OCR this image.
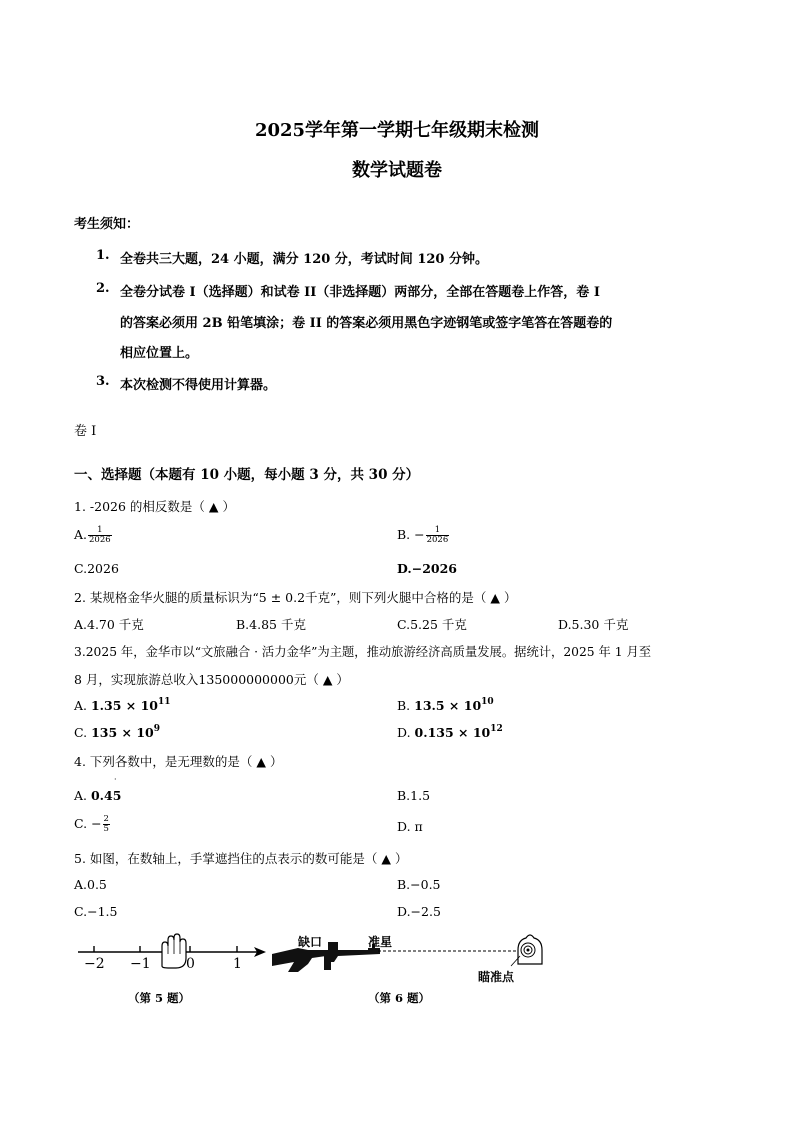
2025学年第一学期七年级期末检测
数学试题卷
考生须知：
1. 全卷共三大题，24 小题，满分 120 分，考试时间 120 分钟。
2. 全卷分试卷 I（选择题）和试卷 II（非选择题）两部分，全部在答题卷上作答，卷 I
的答案必须用 2B 铅笔填涂；卷 II 的答案必须用黑色字迹钢笔或签字笔答在答题卷的
相应位置上。
3. 本次检测不得使用计算器。
卷 I
一、选择题（本题有 10 小题，每小题 3 分，共 30 分）
1. -2026 的相反数是（ ▲ ）
A. $\frac{1}{2026}$	B. − $\frac{1}{2026}$
C.2026	D.−2026
2. 某规格金华火腿的质量标识为“5 ± 0.2千克”，则下列火腿中合格的是（ ▲ ）
A.4.70 千克	B.4.85 千克	C.5.25 千克	D.5.30 千克
3.2025 年，金华市以“文旅融合 · 活力金华”为主题，推动旅游经济高质量发展。据统计，2025 年 1 月至
8 月，实现旅游总收入135000000000元（ ▲ ）
A. $1.35 \times 10^{11}$	B. $13.5 \times 10^{10}$
C. $135 \times 10^9$	D. $0.135 \times 10^{12}$
4. 下列各数中，是无理数的是（ ▲ ）
·
A. 0.45	B.1.5
C. − $\frac{2}{5}$	D. π
5. 如图，在数轴上，手掌遮挡住的点表示的数可能是（ ▲ ）
A.0.5	B.−0.5
C.−1.5	D.−2.5
−2 −1	0	1
（第 5 题）
缺口	准星
瞄准点
（第 6 题）
